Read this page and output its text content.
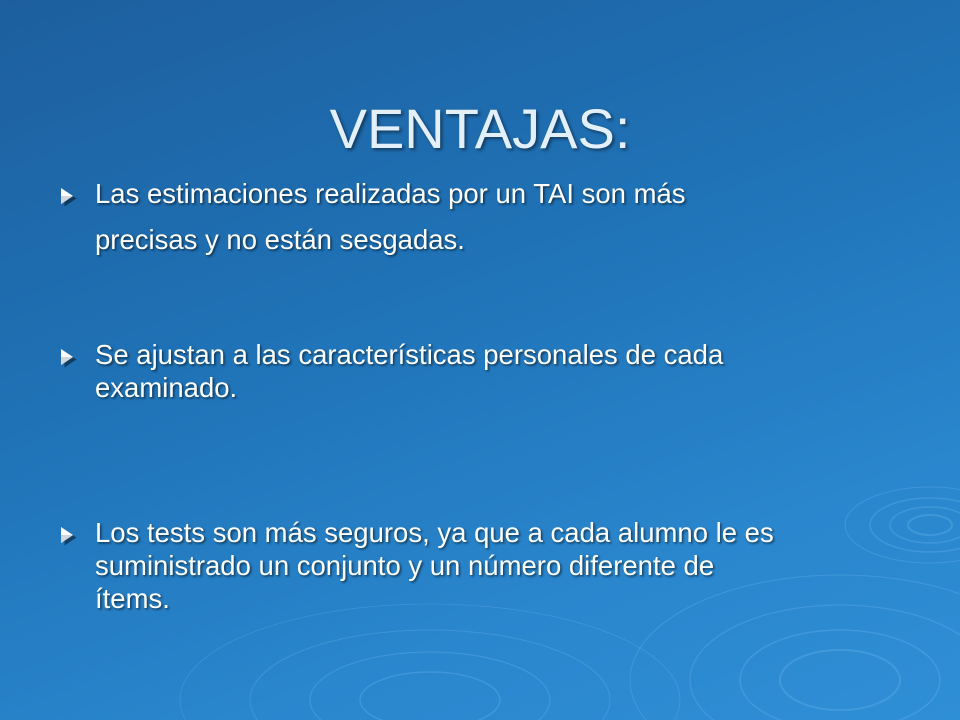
VENTAJAS:
Las estimaciones realizadas por un TAI son más
precisas y no están sesgadas.
Se ajustan a las características personales de cada
examinado.
Los tests son más seguros, ya que a cada alumno le es
suministrado un conjunto y un número diferente de
ítems.
